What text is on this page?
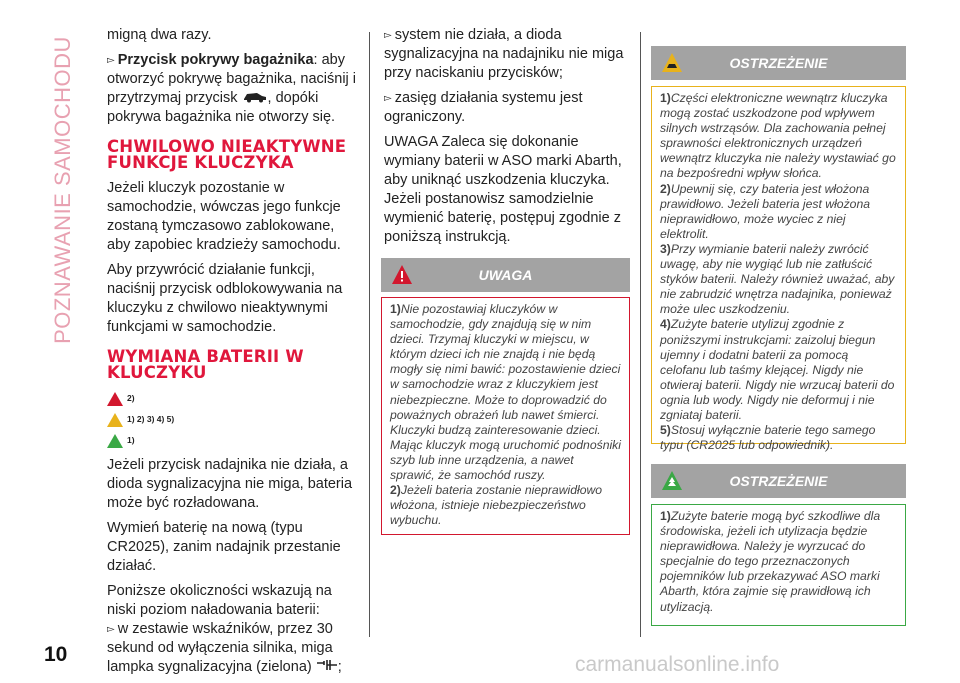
POZNAWANIE SAMOCHODU
10	carmanualsonline.info

migną dwa razy.

▻ Przycisk pokrywy bagażnika: aby otworzyć pokrywę bagażnika, naciśnij i przytrzymaj przycisk , dopóki pokrywa bagażnika nie otworzy się.

CHWILOWO NIEAKTYWNE FUNKCJE KLUCZYKA

Jeżeli kluczyk pozostanie w samochodzie, wówczas jego funkcje zostaną tymczasowo zablokowane, aby zapobiec kradzieży samochodu.

Aby przywrócić działanie funkcji, naciśnij przycisk odblokowywania na kluczyku z chwilowo nieaktywnymi funkcjami w samochodzie.

WYMIANA BATERII W KLUCZYKU
2)
1) 2) 3) 4) 5)
1)

Jeżeli przycisk nadajnika nie działa, a dioda sygnalizacyjna nie miga, bateria może być rozładowana.

Wymień baterię na nową (typu CR2025), zanim nadajnik przestanie działać.

Poniższe okoliczności wskazują na niski poziom naładowania baterii:

▻ w zestawie wskaźników, przez 30 sekund od wyłączenia silnika, miga lampka sygnalizacyjna (zielona) ;

▻ system nie działa, a dioda sygnalizacyjna na nadajniku nie miga przy naciskaniu przycisków;

▻ zasięg działania systemu jest ograniczony.

UWAGA Zaleca się dokonanie wymiany baterii w ASO marki Abarth, aby uniknąć uszkodzenia kluczyka. Jeżeli postanowisz samodzielnie wymienić baterię, postępuj zgodnie z poniższą instrukcją.

UWAGA

1)Nie pozostawiaj kluczyków w samochodzie, gdy znajdują się w nim dzieci. Trzymaj kluczyki w miejscu, w którym dzieci ich nie znajdą i nie będą mogły się nimi bawić: pozostawienie dzieci w samochodzie wraz z kluczykiem jest niebezpieczne. Może to doprowadzić do poważnych obrażeń lub nawet śmierci. Kluczyki budzą zainteresowanie dzieci. Mając kluczyk mogą uruchomić podnośniki szyb lub inne urządzenia, a nawet sprawić, że samochód ruszy.

2)Jeżeli bateria zostanie nieprawidłowo włożona, istnieje niebezpieczeństwo wybuchu.

OSTRZEŻENIE

1)Części elektroniczne wewnątrz kluczyka mogą zostać uszkodzone pod wpływem silnych wstrząsów. Dla zachowania pełnej sprawności elektronicznych urządzeń wewnątrz kluczyka nie należy wystawiać go na bezpośredni wpływ słońca.

2)Upewnij się, czy bateria jest włożona prawidłowo. Jeżeli bateria jest włożona nieprawidłowo, może wyciec z niej elektrolit.

3)Przy wymianie baterii należy zwrócić uwagę, aby nie wygiąć lub nie zatłuścić styków baterii. Należy również uważać, aby nie zabrudzić wnętrza nadajnika, ponieważ może ulec uszkodzeniu.

4)Zużyte baterie utylizuj zgodnie z poniższymi instrukcjami: zaizoluj biegun ujemny i dodatni baterii za pomocą celofanu lub taśmy klejącej. Nigdy nie otwieraj baterii. Nigdy nie wrzucaj baterii do ognia lub wody. Nigdy nie deformuj i nie zgniataj baterii.

5)Stosuj wyłącznie baterie tego samego typu (CR2025 lub odpowiednik).

OSTRZEŻENIE

1)Zużyte baterie mogą być szkodliwe dla środowiska, jeżeli ich utylizacja będzie nieprawidłowa. Należy je wyrzucać do specjalnie do tego przeznaczonych pojemników lub przekazywać ASO marki Abarth, która zajmie się prawidłową ich utylizacją.
